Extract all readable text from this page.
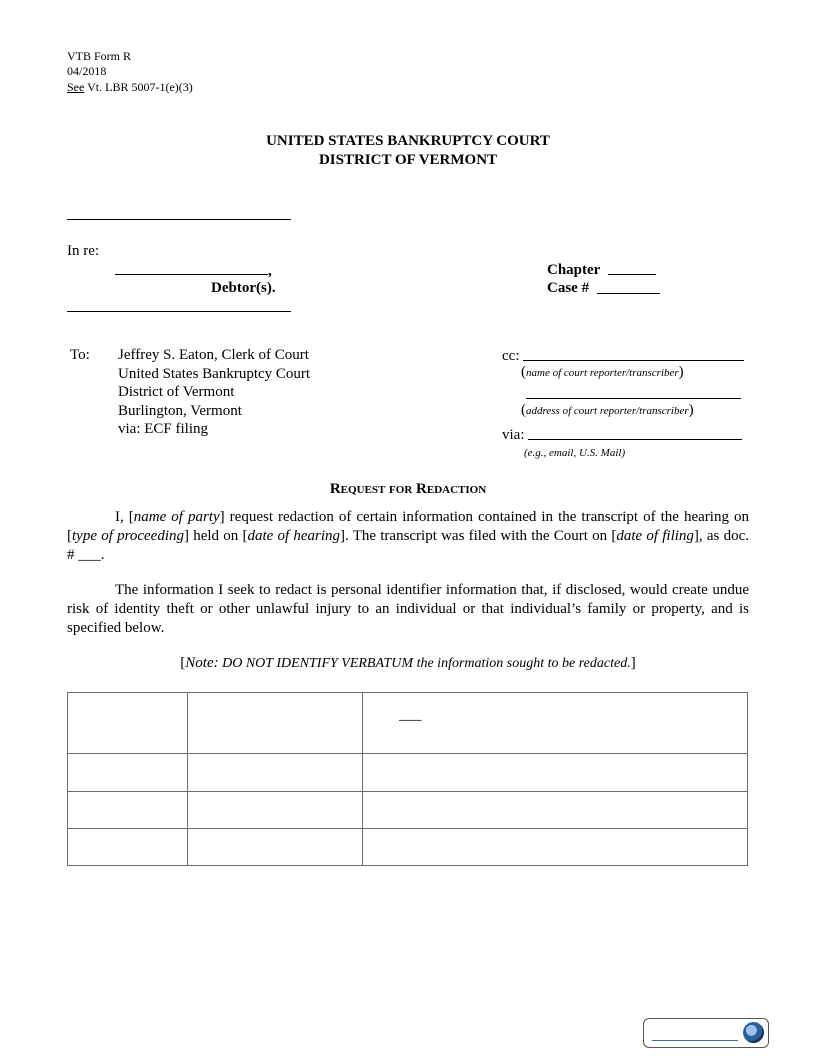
VTB Form R
04/2018
See Vt. LBR 5007-1(e)(3)
UNITED STATES BANKRUPTCY COURT
DISTRICT OF VERMONT
In re:
,
Debtor(s).
Chapter
Case #
To: Jeffrey S. Eaton, Clerk of Court
United States Bankruptcy Court
District of Vermont
Burlington, Vermont
via: ECF filing
cc:
(name of court reporter/transcriber)
(address of court reporter/transcriber)
via:
(e.g., email, U.S. Mail)
Request for Redaction
I, [name of party] request redaction of certain information contained in the transcript of the hearing on [type of proceeding] held on [date of hearing]. The transcript was filed with the Court on [date of filing], as doc. # ___.
The information I seek to redact is personal identifier information that, if disclosed, would create undue risk of identity theft or other unlawful injury to an individual or that individual’s family or property, and is specified below.
[Note: DO NOT IDENTIFY VERBATUM the information sought to be redacted.]

		___
